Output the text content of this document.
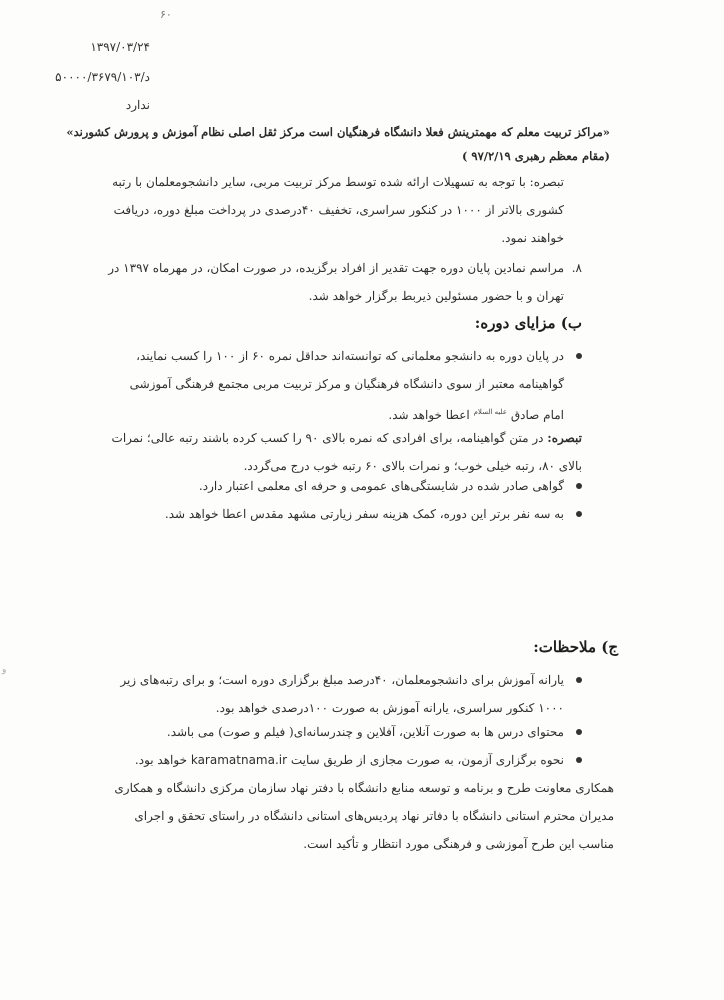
۶۰
۱۳۹۷/۰۳/۲۴
۵۰۰۰۰/۳۶۷۹/۱۰۳/د
ندارد
«مراکز تربیت معلم که مهمترینش فعلا دانشگاه فرهنگیان است مرکز ثقل اصلی نظام آموزش و پرورش کشورند»
(مقام معظم رهبری ۹۷/۲/۱۹ )
تبصره: با توجه به تسهیلات ارائه شده توسط مرکز تربیت مربی، سایر دانشجومعلمان با رتبه کشوری بالاتر از ۱۰۰۰ در کنکور سراسری، تخفیف ۴۰درصدی در پرداخت مبلغ دوره، دریافت خواهند نمود.
۸.
مراسم نمادین پایان دوره جهت تقدیر از افراد برگزیده، در صورت امکان، در مهرماه ۱۳۹۷ در تهران و با حضور مسئولین ذیربط برگزار خواهد شد.
ب) مزایای دوره:
در پایان دوره به دانشجو معلمانی که توانسته‌اند حداقل نمره ۶۰ از ۱۰۰ را کسب نمایند، گواهینامه معتبر از سوی دانشگاه فرهنگیان و مرکز تربیت مربی مجتمع فرهنگی آموزشی امام صادق $^{علیه السلام}$ اعطا خواهد شد.
تبصره: در متن گواهینامه، برای افرادی که نمره بالای ۹۰ را کسب کرده باشند رتبه عالی؛ نمرات بالای ۸۰، رتبه خیلی خوب؛ و نمرات بالای ۶۰ رتبه خوب درج می‌گردد.
گواهی صادر شده در شایستگی‌های عمومی و حرفه ای معلمی اعتبار دارد.
به سه نفر برتر این دوره، کمک هزینه سفر زیارتی مشهد مقدس اعطا خواهد شد.
ج) ملاحظات:
یارانه آموزش برای دانشجومعلمان، ۴۰درصد مبلغ برگزاری دوره است؛ و برای رتبه‌های زیر ۱۰۰۰ کنکور سراسری، یارانه آموزش به صورت ۱۰۰درصدی خواهد بود.
محتوای درس ها به صورت آنلاین، آفلاین و چندرسانه‌ای( فیلم و صوت) می باشد.
نحوه برگزاری آزمون، به صورت مجازی از طریق سایت karamatnama.ir خواهد بود.
همکاری معاونت طرح و برنامه و توسعه منابع دانشگاه با دفتر نهاد سازمان مرکزی دانشگاه و همکاری مدیران محترم استانی دانشگاه با دفاتر نهاد پردیس‌های استانی دانشگاه در راستای تحقق و اجرای مناسب این طرح آموزشی و فرهنگی مورد انتظار و تأکید است.
و
